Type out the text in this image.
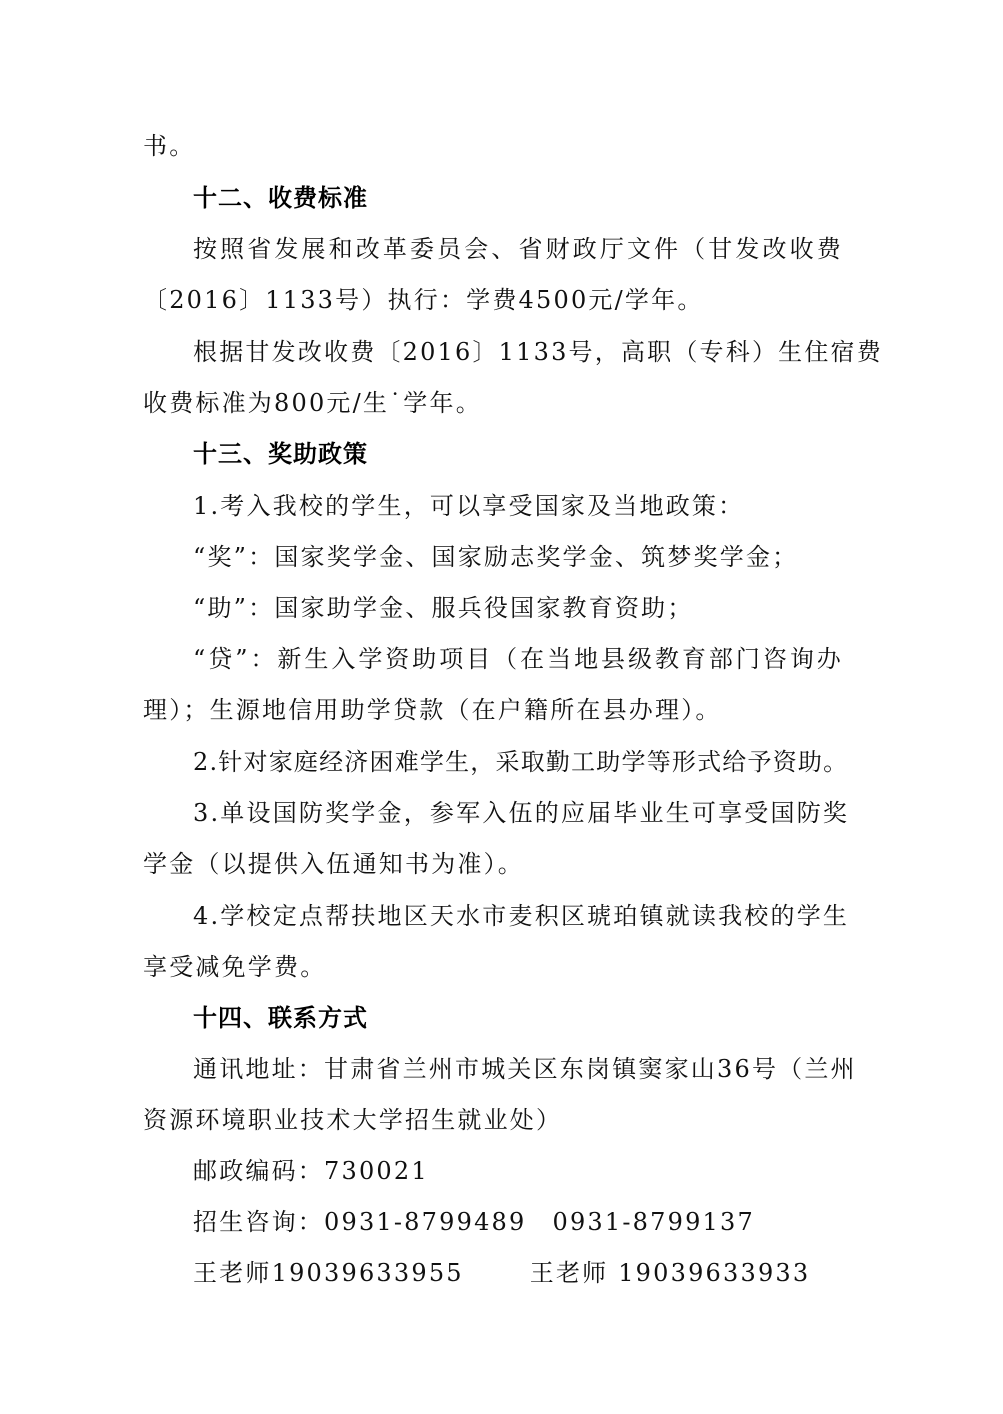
书。
十二、收费标准
按照省发展和改革委员会、省财政厅文件（甘发改收费
〔2016〕1133号）执行：学费4500元/学年。
根据甘发改收费〔2016〕1133号，高职（专科）生住宿费
收费标准为800元/生˙学年。
十三、奖助政策
1.考入我校的学生，可以享受国家及当地政策：
“奖”：国家奖学金、国家励志奖学金、筑梦奖学金；
“助”：国家助学金、服兵役国家教育资助；
“贷”：新生入学资助项目（在当地县级教育部门咨询办
理）；生源地信用助学贷款（在户籍所在县办理）。
2.针对家庭经济困难学生，采取勤工助学等形式给予资助。
3.单设国防奖学金，参军入伍的应届毕业生可享受国防奖
学金（以提供入伍通知书为准）。
4.学校定点帮扶地区天水市麦积区琥珀镇就读我校的学生
享受减免学费。
十四、联系方式
通讯地址：甘肃省兰州市城关区东岗镇窦家山36号（兰州
资源环境职业技术大学招生就业处）
邮政编码：730021
招生咨询：0931-8799489 0931-8799137
王老师19039633955	王老师 19039633933
